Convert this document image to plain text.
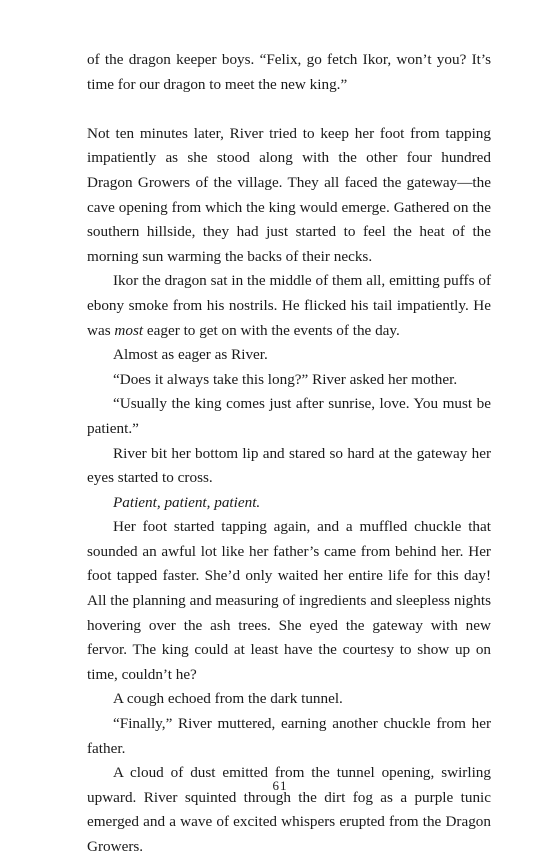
of the dragon keeper boys. “Felix, go fetch Ikor, won’t you? It’s time for our dragon to meet the new king.”

Not ten minutes later, River tried to keep her foot from tapping impatiently as she stood along with the other four hundred Dragon Growers of the village. They all faced the gateway—the cave opening from which the king would emerge. Gathered on the southern hillside, they had just started to feel the heat of the morning sun warming the backs of their necks.

Ikor the dragon sat in the middle of them all, emitting puffs of ebony smoke from his nostrils. He flicked his tail impatiently. He was most eager to get on with the events of the day.

Almost as eager as River.

“Does it always take this long?” River asked her mother.

“Usually the king comes just after sunrise, love. You must be patient.”

River bit her bottom lip and stared so hard at the gateway her eyes started to cross.

Patient, patient, patient.

Her foot started tapping again, and a muffled chuckle that sounded an awful lot like her father’s came from behind her. Her foot tapped faster. She’d only waited her entire life for this day! All the planning and measuring of ingredients and sleepless nights hovering over the ash trees. She eyed the gateway with new fervor. The king could at least have the courtesy to show up on time, couldn’t he?

A cough echoed from the dark tunnel.

“Finally,” River muttered, earning another chuckle from her father.

A cloud of dust emitted from the tunnel opening, swirling upward. River squinted through the dirt fog as a purple tunic emerged and a wave of excited whispers erupted from the Dragon Growers.

61
